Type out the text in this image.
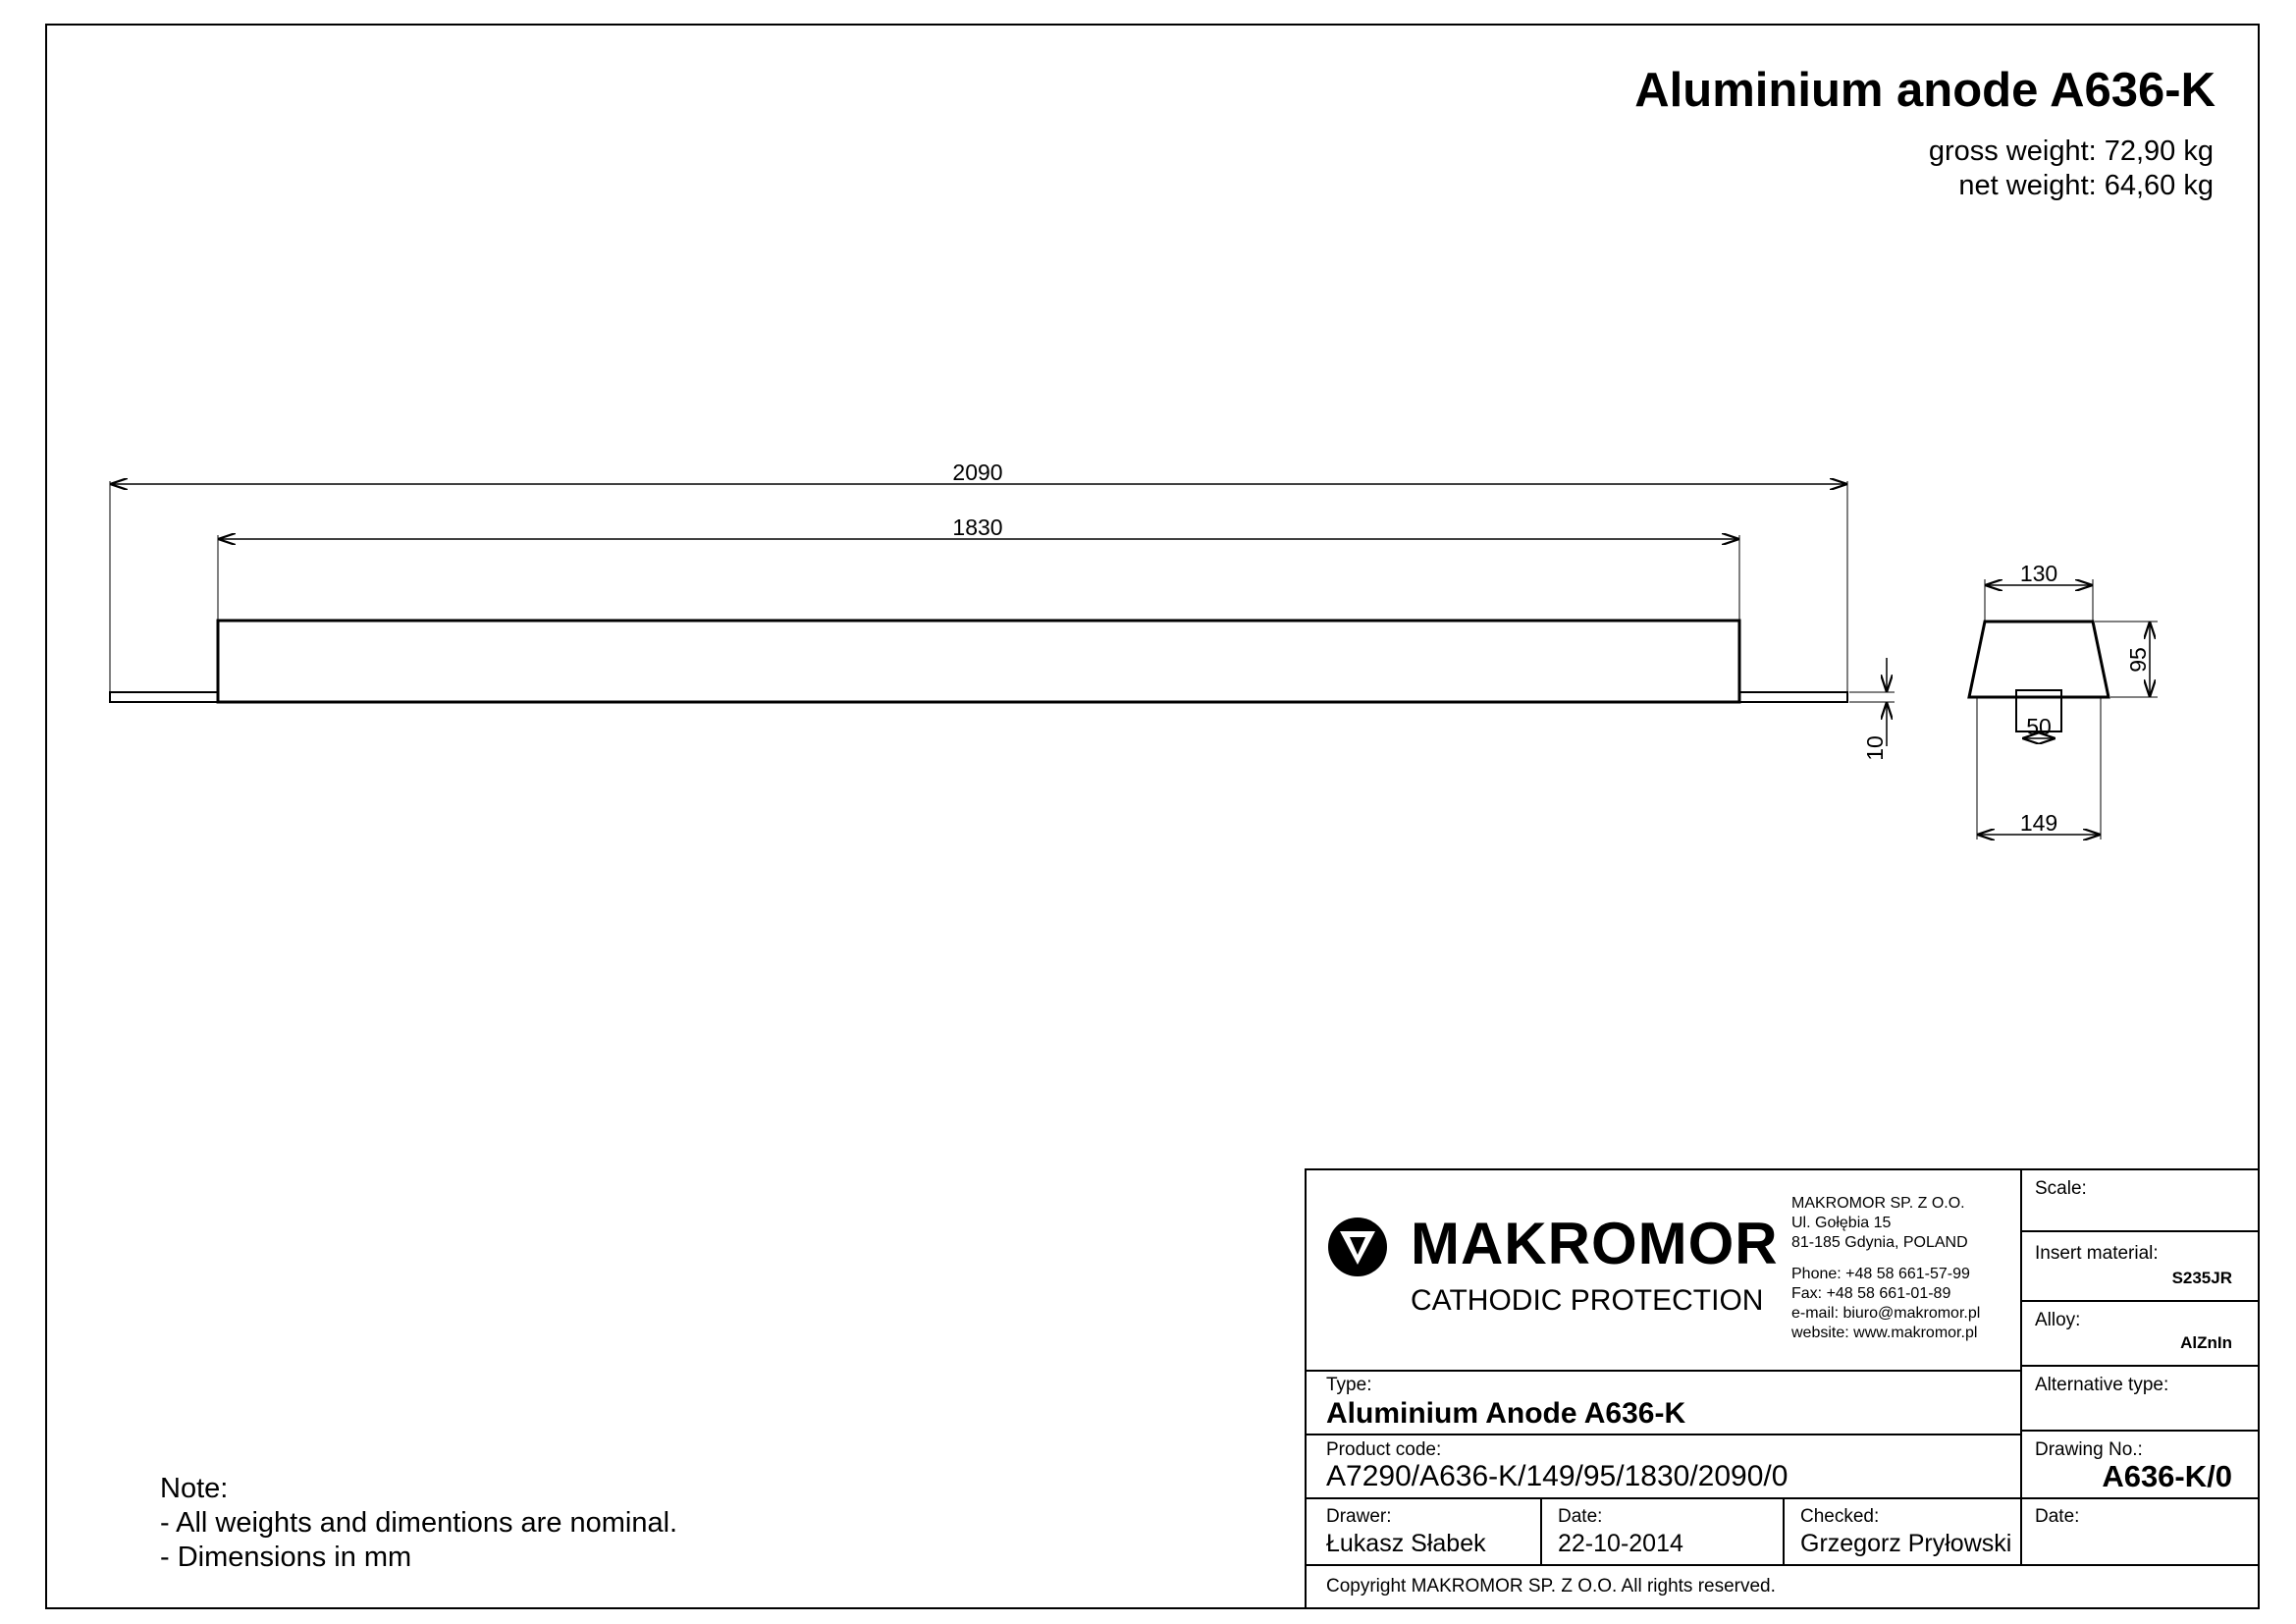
Aluminium anode A636-K
gross weight: 72,90 kg
net weight: 64,60 kg
2090
1830
10
130
95
50
149
Note:
- All weights and dimentions are nominal.
- Dimensions in mm
MAKROMOR
CATHODIC PROTECTION
MAKROMOR SP. Z O.O.
Ul. Gołębia 15
81-185 Gdynia, POLAND
Phone: +48 58 661-57-99
Fax: +48 58 661-01-89
e-mail: biuro@makromor.pl
website: www.makromor.pl
Scale:
Insert material:
S235JR
Alloy:
AlZnIn
Alternative type:
Drawing No.:
A636-K/0
Date:
Type:
Aluminium Anode A636-K
Product code:
A7290/A636-K/149/95/1830/2090/0
Drawer:
Łukasz Słabek
Date:
22-10-2014
Checked:
Grzegorz Pryłowski
Copyright MAKROMOR SP. Z O.O. All rights reserved.
